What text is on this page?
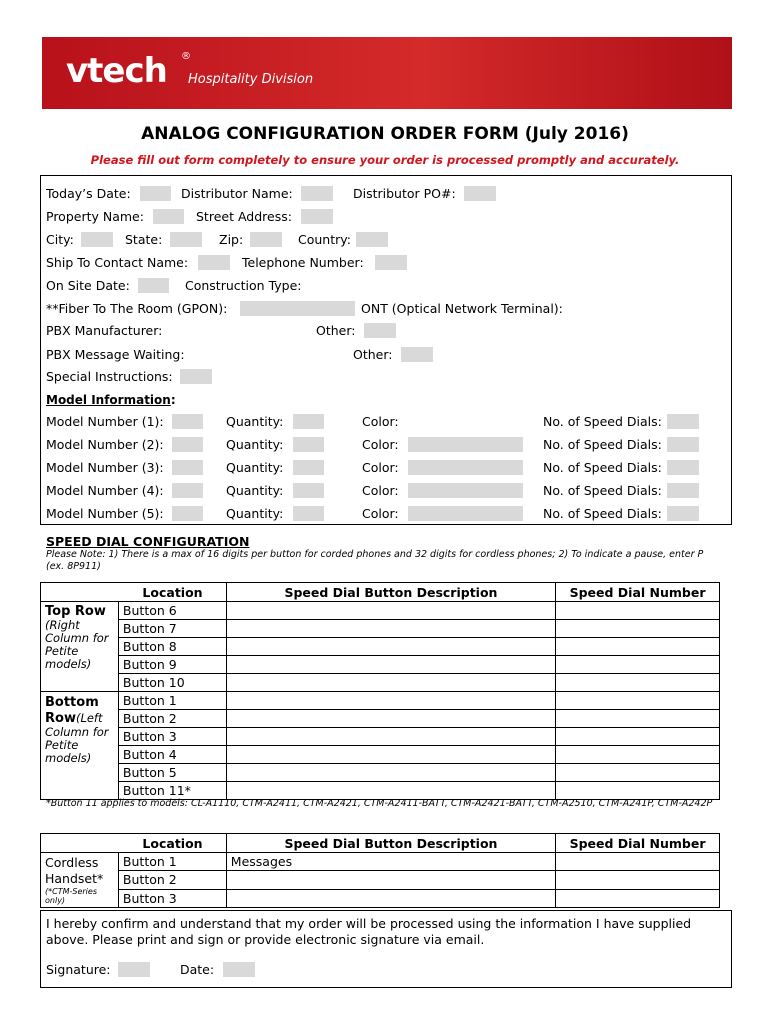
vtech ®
Hospitality Division
ANALOG CONFIGURATION ORDER FORM (July 2016)
Please fill out form completely to ensure your order is processed promptly and accurately.
Today’s Date:	Distributor Name:	Distributor PO#:
Property Name:	Street Address:
City:	State:	Zip:	Country:
Ship To Contact Name:	Telephone Number:
On Site Date:	Construction Type:
**Fiber To The Room (GPON):	ONT (Optical Network Terminal):
PBX Manufacturer:	Other:
PBX Message Waiting:	Other:
Special Instructions:
Model Information:
Model Number (1):	Quantity:	Color:	No. of Speed Dials:
Model Number (2):	Quantity:	Color:	No. of Speed Dials:
Model Number (3):	Quantity:	Color:	No. of Speed Dials:
Model Number (4):	Quantity:	Color:	No. of Speed Dials:
Model Number (5):	Quantity:	Color:	No. of Speed Dials:
SPEED DIAL CONFIGURATION
Please Note: 1) There is a max of 16 digits per button for corded phones and 32 digits for cordless phones; 2) To indicate a pause, enter P (ex. 8P911)
	Location	Speed Dial Button Description	Speed Dial Number

Top Row
(Right Column for Petite models)	Button 6		
	Button 7		
	Button 8		
	Button 9		
	Button 10		

Bottom Row(Left
Column for Petite models)	Button 1		
	Button 2		
	Button 3		
	Button 4		
	Button 5		
	Button 11*		
*Button 11 applies to models: CL-A1110, CTM-A2411, CTM-A2421, CTM-A2411-BATT, CTM-A2421-BATT, CTM-A2510, CTM-A241P, CTM-A242P
	Location	Speed Dial Button Description	Speed Dial Number

Cordless Handset*
(*CTM-Series only)	Button 1	Messages	
	Button 2		
	Button 3		
I hereby confirm and understand that my order will be processed using the information I have supplied above. Please print and sign or provide electronic signature via email.
Signature:	Date:
